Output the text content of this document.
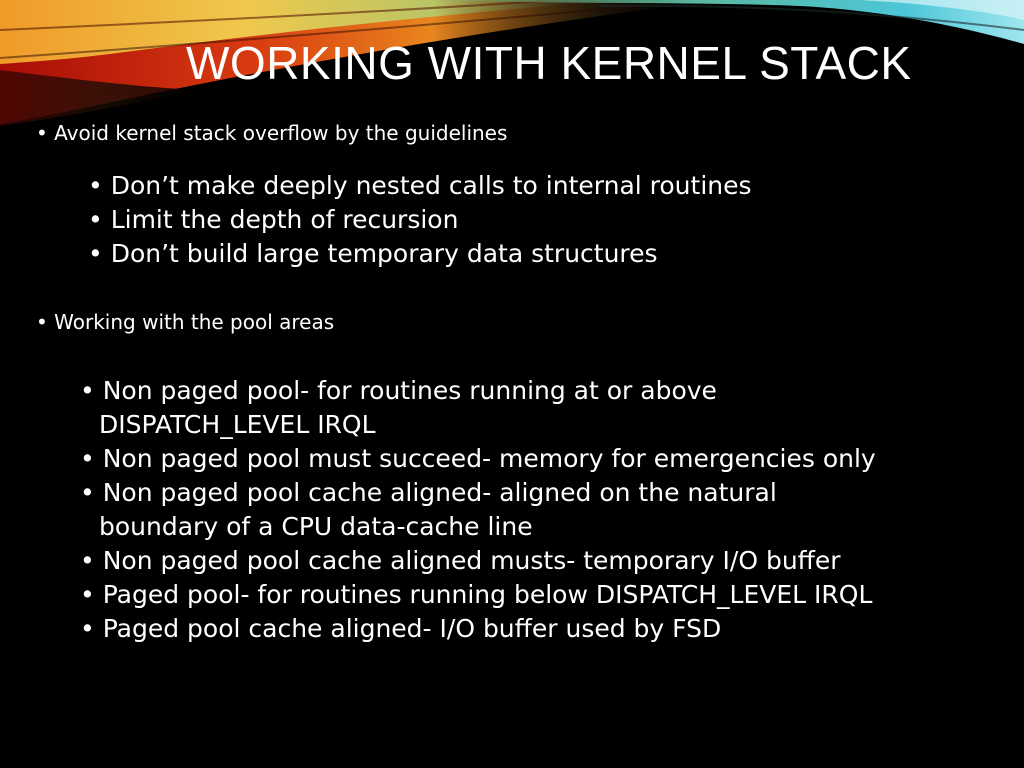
WORKING WITH KERNEL STACK
• Avoid kernel stack overflow by the guidelines
• Don’t make deeply nested calls to internal routines
• Limit the depth of recursion
• Don’t build large temporary data structures
• Working with the pool areas
• Non paged pool- for routines running at or above
DISPATCH_LEVEL IRQL
• Non paged pool must succeed- memory for emergencies only
• Non paged pool cache aligned- aligned on the natural
boundary of a CPU data-cache line
• Non paged pool cache aligned musts- temporary I/O buffer
• Paged pool- for routines running below DISPATCH_LEVEL IRQL
• Paged pool cache aligned- I/O buffer used by FSD
